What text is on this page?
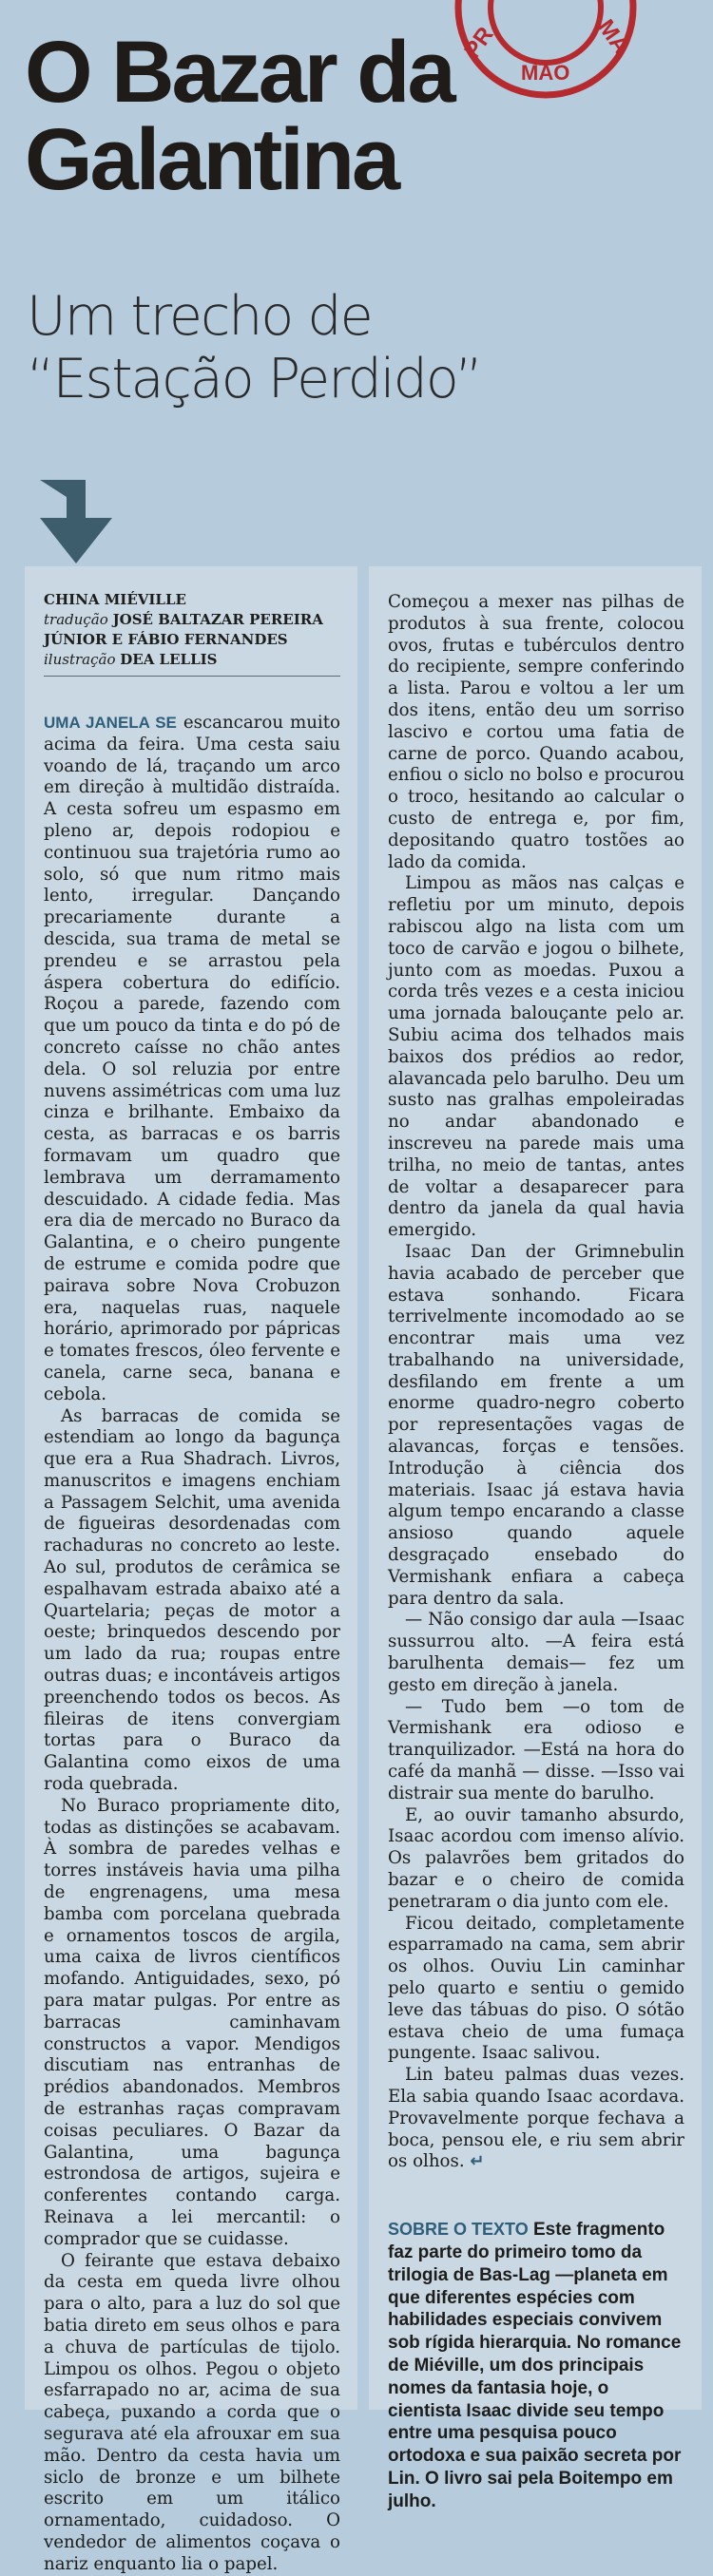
PR	MA
MÃO
O Bazar da
Galantina
Um trecho de
“Estação Perdido”
CHINA MIÉVILLE
tradução JOSÉ BALTAZAR PEREIRA JÚNIOR E FÁBIO FERNANDES
ilustração DEA LELLIS

UMA JANELA SE escancarou muito acima da feira. Uma cesta saiu voando de lá, traçando um arco em direção à multidão distraída. A cesta sofreu um espasmo em pleno ar, depois rodopiou e continuou sua trajetória rumo ao solo, só que num ritmo mais lento, irregular. Dançando precariamente durante a descida, sua trama de metal se prendeu e se arrastou pela áspera cobertura do edifício. Roçou a parede, fazendo com que um pouco da tinta e do pó de concreto caísse no chão antes dela. O sol reluzia por entre nuvens assimétricas com uma luz cinza e brilhante. Embaixo da cesta, as barracas e os barris formavam um quadro que lembrava um derramamento descuidado. A cidade fedia. Mas era dia de mercado no Buraco da Galantina, e o cheiro pungente de estrume e comida podre que pairava sobre Nova Crobuzon era, naquelas ruas, naquele horário, aprimorado por pápricas e tomates frescos, óleo fervente e canela, carne seca, banana e cebola.

As barracas de comida se estendiam ao longo da bagunça que era a Rua Shadrach. Livros, manuscritos e imagens enchiam a Passagem Selchit, uma avenida de figueiras desordenadas com rachaduras no concreto ao leste. Ao sul, produtos de cerâmica se espalhavam estrada abaixo até a Quartelaria; peças de motor a oeste; brinquedos descendo por um lado da rua; roupas entre outras duas; e incontáveis artigos preenchendo todos os becos. As fileiras de itens convergiam tortas para o Buraco da Galantina como eixos de uma roda quebrada.

No Buraco propriamente dito, todas as distinções se acabavam. À sombra de paredes velhas e torres instáveis havia uma pilha de engrenagens, uma mesa bamba com porcelana quebrada e ornamentos toscos de argila, uma caixa de livros científicos mofando. Antiguidades, sexo, pó para matar pulgas. Por entre as barracas caminhavam constructos a vapor. Mendigos discutiam nas entranhas de prédios abandonados. Membros de estranhas raças compravam coisas peculiares. O Bazar da Galantina, uma bagunça estrondosa de artigos, sujeira e conferentes contando carga. Reinava a lei mercantil: o comprador que se cuidasse.

O feirante que estava debaixo da cesta em queda livre olhou para o alto, para a luz do sol que batia direto em seus olhos e para a chuva de partículas de tijolo. Limpou os olhos. Pegou o objeto esfarrapado no ar, acima de sua cabeça, puxando a corda que o segurava até ela afrouxar em sua mão. Dentro da cesta havia um siclo de bronze e um bilhete escrito em um itálico ornamentado, cuidadoso. O vendedor de alimentos coçava o nariz enquanto lia o papel.

Começou a mexer nas pilhas de produtos à sua frente, colocou ovos, frutas e tubérculos dentro do recipiente, sempre conferindo a lista. Parou e voltou a ler um dos itens, então deu um sorriso lascivo e cortou uma fatia de carne de porco. Quando acabou, enfiou o siclo no bolso e procurou o troco, hesitando ao calcular o custo de entrega e, por fim, depositando quatro tostões ao lado da comida.

Limpou as mãos nas calças e refletiu por um minuto, depois rabiscou algo na lista com um toco de carvão e jogou o bilhete, junto com as moedas. Puxou a corda três vezes e a cesta iniciou uma jornada balouçante pelo ar. Subiu acima dos telhados mais baixos dos prédios ao redor, alavancada pelo barulho. Deu um susto nas gralhas empoleiradas no andar abandonado e inscreveu na parede mais uma trilha, no meio de tantas, antes de voltar a desaparecer para dentro da janela da qual havia emergido.

Isaac Dan der Grimnebulin havia acabado de perceber que estava sonhando. Ficara terrivelmente incomodado ao se encontrar mais uma vez trabalhando na universidade, desfilando em frente a um enorme quadro-negro coberto por representações vagas de alavancas, forças e tensões. Introdução à ciência dos materiais. Isaac já estava havia algum tempo encarando a classe ansioso quando aquele desgraçado ensebado do Vermishank enfiara a cabeça para dentro da sala.

— Não consigo dar aula —Isaac sussurrou alto. —A feira está barulhenta demais— fez um gesto em direção à janela.

— Tudo bem —o tom de Vermishank era odioso e tranquilizador. —Está na hora do café da manhã — disse. —Isso vai distrair sua mente do barulho.

E, ao ouvir tamanho absurdo, Isaac acordou com imenso alívio. Os palavrões bem gritados do bazar e o cheiro de comida penetraram o dia junto com ele.

Ficou deitado, completamente esparramado na cama, sem abrir os olhos. Ouviu Lin caminhar pelo quarto e sentiu o gemido leve das tábuas do piso. O sótão estava cheio de uma fumaça pungente. Isaac salivou.

Lin bateu palmas duas vezes. Ela sabia quando Isaac acordava. Provavelmente porque fechava a boca, pensou ele, e riu sem abrir os olhos. ↵

SOBRE O TEXTO Este fragmento faz parte do primeiro tomo da trilogia de Bas-Lag —planeta em que diferentes espécies com habilidades especiais convivem sob rígida hierarquia. No romance de Miéville, um dos principais nomes da fantasia hoje, o cientista Isaac divide seu tempo entre uma pesquisa pouco ortodoxa e sua paixão secreta por Lin. O livro sai pela Boitempo em julho.
